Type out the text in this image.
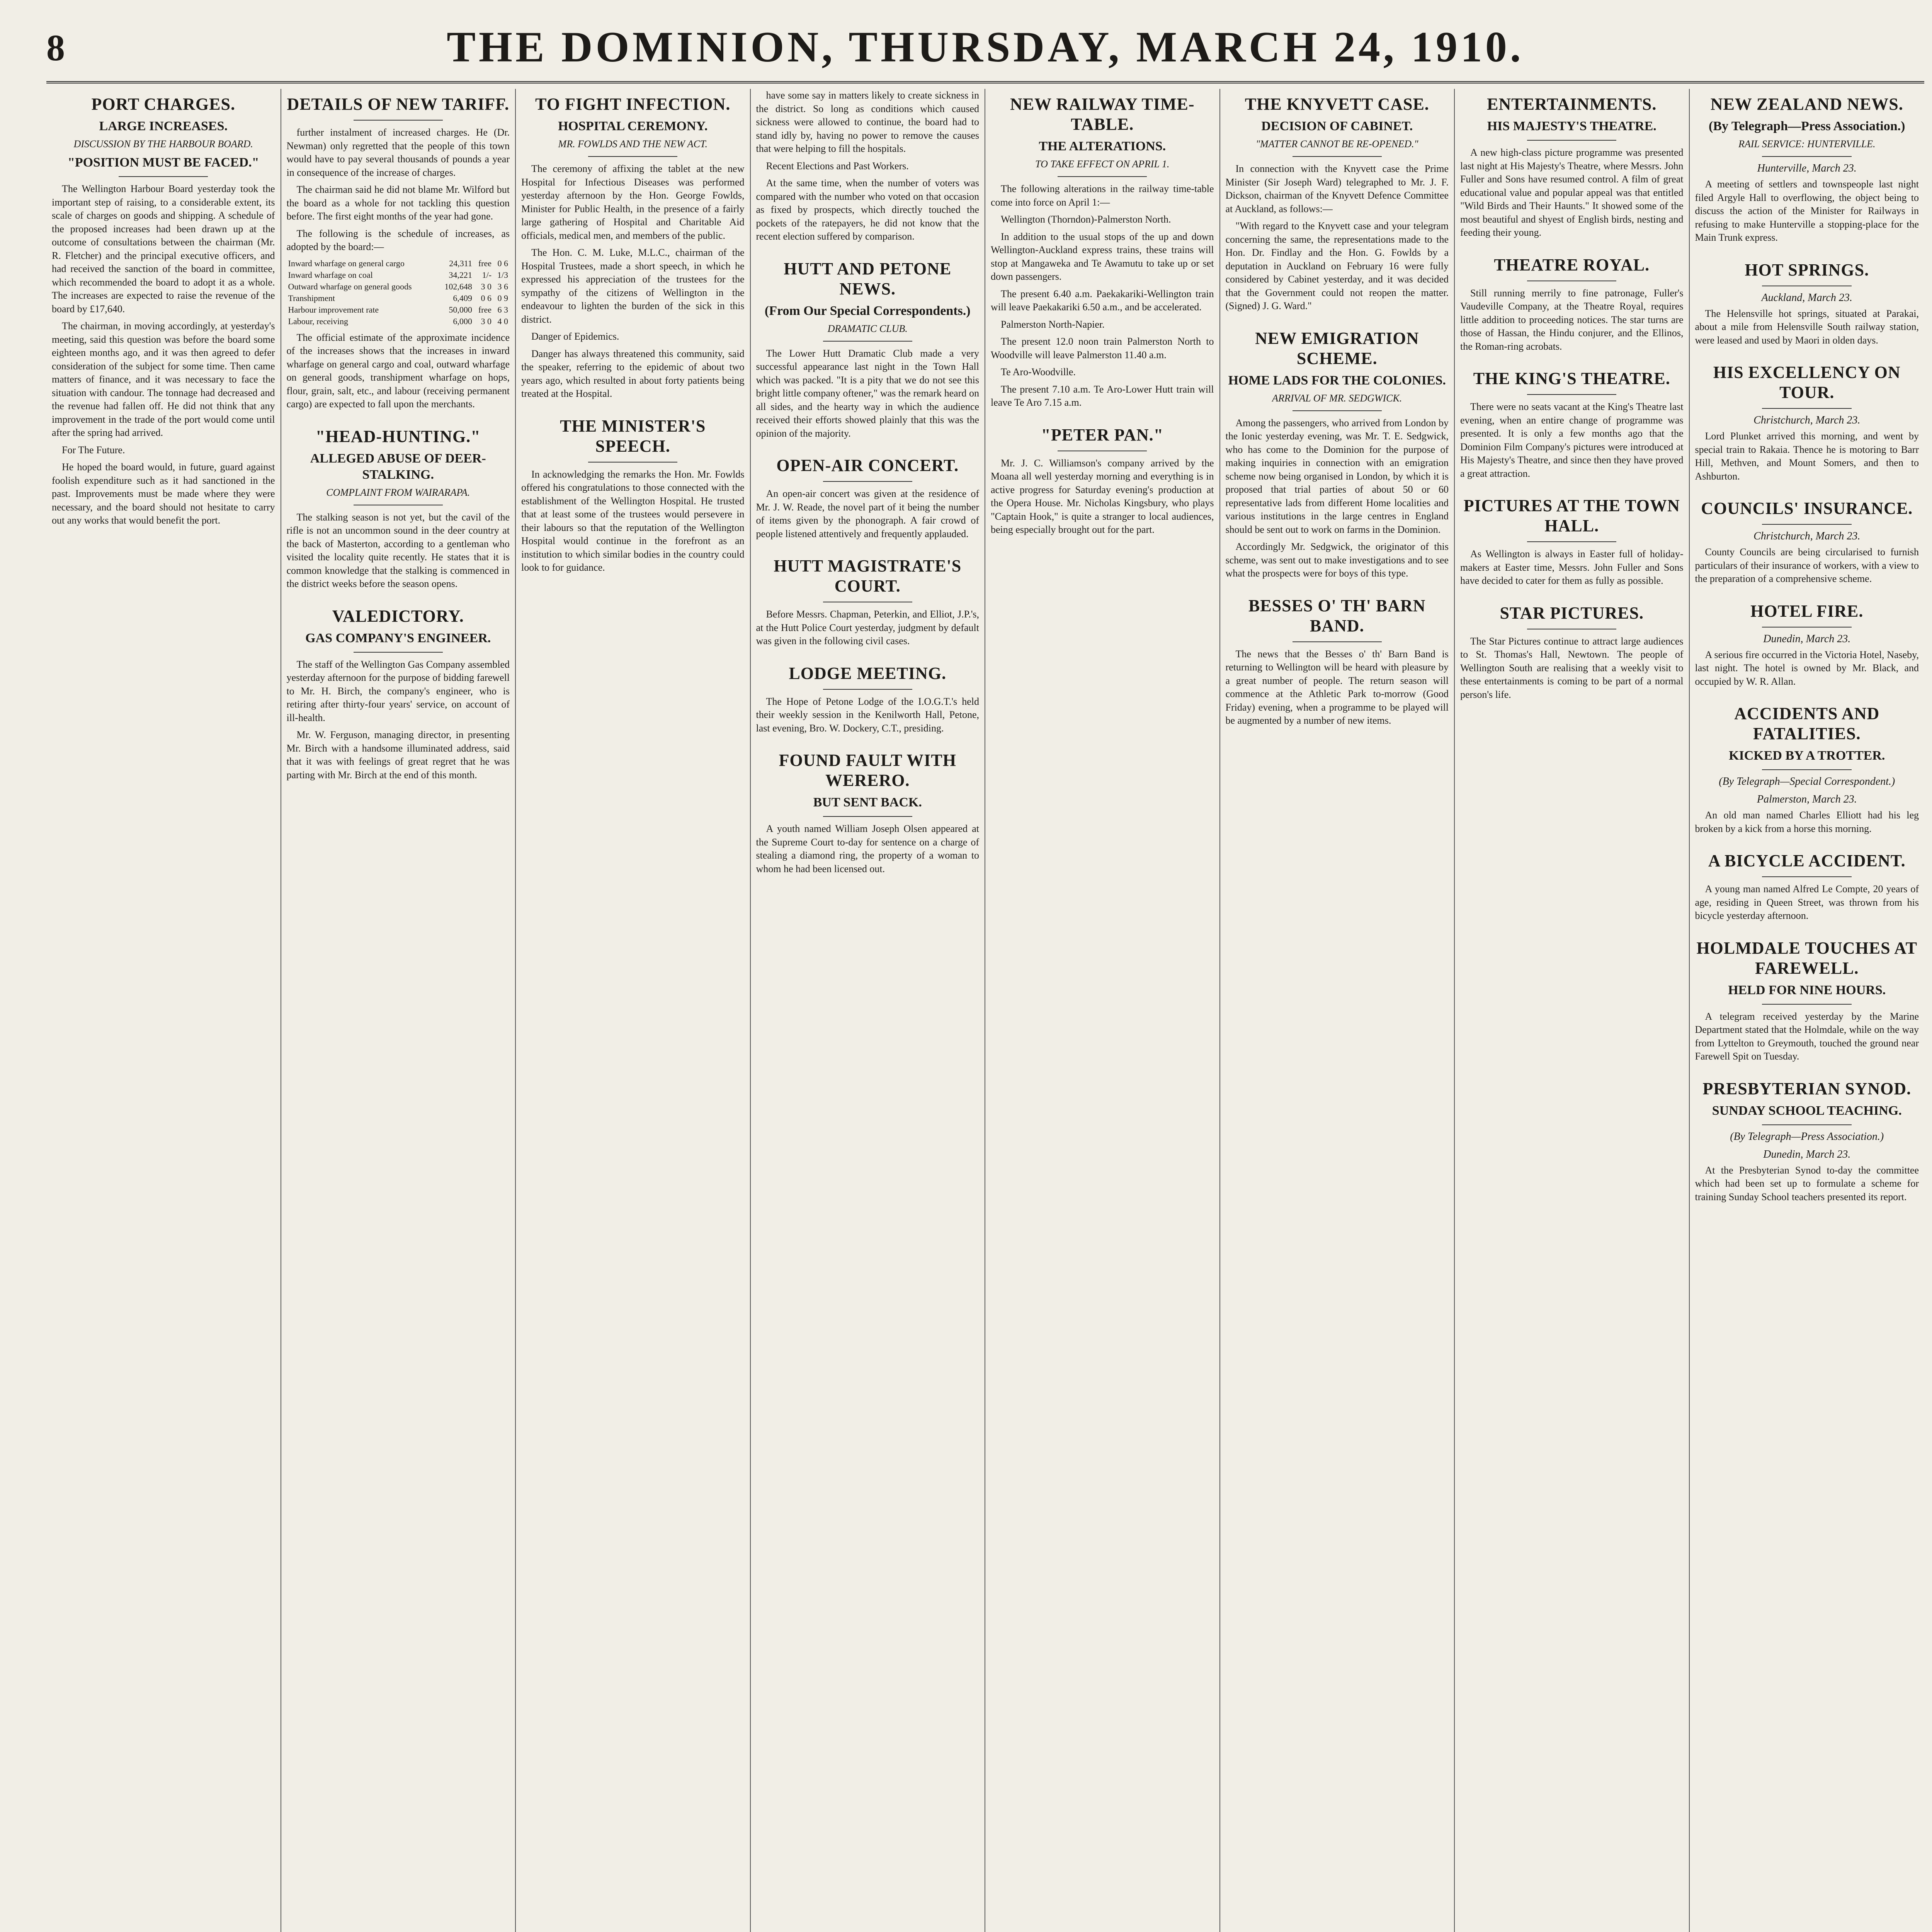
8	THE DOMINION, THURSDAY, MARCH 24, 1910.
PORT CHARGES.
LARGE INCREASES.
DISCUSSION BY THE HARBOUR BOARD.
"POSITION MUST BE FACED."

The Wellington Harbour Board yesterday took the important step of raising, to a considerable extent, its scale of charges on goods and shipping. A schedule of the proposed increases had been drawn up at the outcome of consultations between the chairman (Mr. R. Fletcher) and the principal executive officers, and had received the sanction of the board in committee, which recommended the board to adopt it as a whole. The increases are expected to raise the revenue of the board by £17,640.

The chairman, in moving accordingly, at yesterday's meeting, said this question was before the board some eighteen months ago, and it was then agreed to defer consideration of the subject for some time. Then came matters of finance, and it was necessary to face the situation with candour. The tonnage had decreased and the revenue had fallen off. He did not think that any improvement in the trade of the port would come until after the spring had arrived.

For The Future.

He hoped the board would, in future, guard against foolish expenditure such as it had sanctioned in the past. Improvements must be made where they were necessary, and the board should not hesitate to carry out any works that would benefit the port.

DETAILS OF NEW TARIFF.

further instalment of increased charges. He (Dr. Newman) only regretted that the people of this town would have to pay several thousands of pounds a year in consequence of the increase of charges.

The chairman said he did not blame Mr. Wilford but the board as a whole for not tackling this question before. The first eight months of the year had gone.

The following is the schedule of increases, as adopted by the board:—

Inward wharfage on general cargo	24,311	free	0 6
Inward wharfage on coal	34,221	1/-	1/3
Outward wharfage on general goods	102,648	3 0	3 6
Transhipment	6,409	0 6	0 9
Harbour improvement rate	50,000	free	6 3
Labour, receiving	6,000	3 0	4 0

The official estimate of the approximate incidence of the increases shows that the increases in inward wharfage on general cargo and coal, outward wharfage on general goods, transhipment wharfage on hops, flour, grain, salt, etc., and labour (receiving permanent cargo) are expected to fall upon the merchants.

"HEAD-HUNTING."
ALLEGED ABUSE OF DEER-STALKING.
COMPLAINT FROM WAIRARAPA.

The stalking season is not yet, but the cavil of the rifle is not an uncommon sound in the deer country at the back of Masterton, according to a gentleman who visited the locality quite recently. He states that it is common knowledge that the stalking is commenced in the district weeks before the season opens.

VALEDICTORY.
GAS COMPANY'S ENGINEER.

The staff of the Wellington Gas Company assembled yesterday afternoon for the purpose of bidding farewell to Mr. H. Birch, the company's engineer, who is retiring after thirty-four years' service, on account of ill-health.

Mr. W. Ferguson, managing director, in presenting Mr. Birch with a handsome illuminated address, said that it was with feelings of great regret that he was parting with Mr. Birch at the end of this month.

TO FIGHT INFECTION.
HOSPITAL CEREMONY.
MR. FOWLDS AND THE NEW ACT.

The ceremony of affixing the tablet at the new Hospital for Infectious Diseases was performed yesterday afternoon by the Hon. George Fowlds, Minister for Public Health, in the presence of a fairly large gathering of Hospital and Charitable Aid officials, medical men, and members of the public.

The Hon. C. M. Luke, M.L.C., chairman of the Hospital Trustees, made a short speech, in which he expressed his appreciation of the trustees for the sympathy of the citizens of Wellington in the endeavour to lighten the burden of the sick in this district.

Danger of Epidemics.

Danger has always threatened this community, said the speaker, referring to the epidemic of about two years ago, which resulted in about forty patients being treated at the Hospital.

THE MINISTER'S SPEECH.

In acknowledging the remarks the Hon. Mr. Fowlds offered his congratulations to those connected with the establishment of the Wellington Hospital. He trusted that at least some of the trustees would persevere in their labours so that the reputation of the Wellington Hospital would continue in the forefront as an institution to which similar bodies in the country could look to for guidance.

have some say in matters likely to create sickness in the district. So long as conditions which caused sickness were allowed to continue, the board had to stand idly by, having no power to remove the causes that were helping to fill the hospitals.

Recent Elections and Past Workers.

At the same time, when the number of voters was compared with the number who voted on that occasion as fixed by prospects, which directly touched the pockets of the ratepayers, he did not know that the recent election suffered by comparison.

HUTT AND PETONE NEWS.
(From Our Special Correspondents.)
DRAMATIC CLUB.

The Lower Hutt Dramatic Club made a very successful appearance last night in the Town Hall which was packed. "It is a pity that we do not see this bright little company oftener," was the remark heard on all sides, and the hearty way in which the audience received their efforts showed plainly that this was the opinion of the majority.

OPEN-AIR CONCERT.

An open-air concert was given at the residence of Mr. J. W. Reade, the novel part of it being the number of items given by the phonograph. A fair crowd of people listened attentively and frequently applauded.

HUTT MAGISTRATE'S COURT.

Before Messrs. Chapman, Peterkin, and Elliot, J.P.'s, at the Hutt Police Court yesterday, judgment by default was given in the following civil cases.

LODGE MEETING.

The Hope of Petone Lodge of the I.O.G.T.'s held their weekly session in the Kenilworth Hall, Petone, last evening, Bro. W. Dockery, C.T., presiding.

FOUND FAULT WITH WERERO.
BUT SENT BACK.

A youth named William Joseph Olsen appeared at the Supreme Court to-day for sentence on a charge of stealing a diamond ring, the property of a woman to whom he had been licensed out.

NEW RAILWAY TIME-TABLE.
THE ALTERATIONS.
TO TAKE EFFECT ON APRIL 1.

The following alterations in the railway time-table come into force on April 1:—

Wellington (Thorndon)-Palmerston North.

In addition to the usual stops of the up and down Wellington-Auckland express trains, these trains will stop at Mangaweka and Te Awamutu to take up or set down passengers.

The present 6.40 a.m. Paekakariki-Wellington train will leave Paekakariki 6.50 a.m., and be accelerated.

Palmerston North-Napier.

The present 12.0 noon train Palmerston North to Woodville will leave Palmerston 11.40 a.m.

Te Aro-Woodville.

The present 7.10 a.m. Te Aro-Lower Hutt train will leave Te Aro 7.15 a.m.

"PETER PAN."

Mr. J. C. Williamson's company arrived by the Moana all well yesterday morning and everything is in active progress for Saturday evening's production at the Opera House. Mr. Nicholas Kingsbury, who plays "Captain Hook," is quite a stranger to local audiences, being especially brought out for the part.

THE KNYVETT CASE.
DECISION OF CABINET.
"MATTER CANNOT BE RE-OPENED."

In connection with the Knyvett case the Prime Minister (Sir Joseph Ward) telegraphed to Mr. J. F. Dickson, chairman of the Knyvett Defence Committee at Auckland, as follows:—

"With regard to the Knyvett case and your telegram concerning the same, the representations made to the Hon. Dr. Findlay and the Hon. G. Fowlds by a deputation in Auckland on February 16 were fully considered by Cabinet yesterday, and it was decided that the Government could not reopen the matter. (Signed) J. G. Ward."

NEW EMIGRATION SCHEME.
HOME LADS FOR THE COLONIES.
ARRIVAL OF MR. SEDGWICK.

Among the passengers, who arrived from London by the Ionic yesterday evening, was Mr. T. E. Sedgwick, who has come to the Dominion for the purpose of making inquiries in connection with an emigration scheme now being organised in London, by which it is proposed that trial parties of about 50 or 60 representative lads from different Home localities and various institutions in the large centres in England should be sent out to work on farms in the Dominion.

Accordingly Mr. Sedgwick, the originator of this scheme, was sent out to make investigations and to see what the prospects were for boys of this type.

BESSES O' TH' BARN BAND.

The news that the Besses o' th' Barn Band is returning to Wellington will be heard with pleasure by a great number of people. The return season will commence at the Athletic Park to-morrow (Good Friday) evening, when a programme to be played will be augmented by a number of new items.

ENTERTAINMENTS.
HIS MAJESTY'S THEATRE.

A new high-class picture programme was presented last night at His Majesty's Theatre, where Messrs. John Fuller and Sons have resumed control. A film of great educational value and popular appeal was that entitled "Wild Birds and Their Haunts." It showed some of the most beautiful and shyest of English birds, nesting and feeding their young.

THEATRE ROYAL.

Still running merrily to fine patronage, Fuller's Vaudeville Company, at the Theatre Royal, requires little addition to proceeding notices. The star turns are those of Hassan, the Hindu conjurer, and the Ellinos, the Roman-ring acrobats.

THE KING'S THEATRE.

There were no seats vacant at the King's Theatre last evening, when an entire change of programme was presented. It is only a few months ago that the Dominion Film Company's pictures were introduced at His Majesty's Theatre, and since then they have proved a great attraction.

PICTURES AT THE TOWN HALL.

As Wellington is always in Easter full of holiday-makers at Easter time, Messrs. John Fuller and Sons have decided to cater for them as fully as possible.

STAR PICTURES.

The Star Pictures continue to attract large audiences to St. Thomas's Hall, Newtown. The people of Wellington South are realising that a weekly visit to these entertainments is coming to be part of a normal person's life.

NEW ZEALAND NEWS.
(By Telegraph—Press Association.)
RAIL SERVICE: HUNTERVILLE.
Hunterville, March 23.

A meeting of settlers and townspeople last night filed Argyle Hall to overflowing, the object being to discuss the action of the Minister for Railways in refusing to make Hunterville a stopping-place for the Main Trunk express.

HOT SPRINGS.
Auckland, March 23.

The Helensville hot springs, situated at Parakai, about a mile from Helensville South railway station, were leased and used by Maori in olden days.

HIS EXCELLENCY ON TOUR.
Christchurch, March 23.

Lord Plunket arrived this morning, and went by special train to Rakaia. Thence he is motoring to Barr Hill, Methven, and Mount Somers, and then to Ashburton.

COUNCILS' INSURANCE.
Christchurch, March 23.

County Councils are being circularised to furnish particulars of their insurance of workers, with a view to the preparation of a comprehensive scheme.

HOTEL FIRE.
Dunedin, March 23.

A serious fire occurred in the Victoria Hotel, Naseby, last night. The hotel is owned by Mr. Black, and occupied by W. R. Allan.

ACCIDENTS AND FATALITIES.
KICKED BY A TROTTER.
(By Telegraph—Special Correspondent.)
Palmerston, March 23.

An old man named Charles Elliott had his leg broken by a kick from a horse this morning.

A BICYCLE ACCIDENT.

A young man named Alfred Le Compte, 20 years of age, residing in Queen Street, was thrown from his bicycle yesterday afternoon.

HOLMDALE TOUCHES AT FAREWELL.
HELD FOR NINE HOURS.

A telegram received yesterday by the Marine Department stated that the Holmdale, while on the way from Lyttelton to Greymouth, touched the ground near Farewell Spit on Tuesday.

PRESBYTERIAN SYNOD.
SUNDAY SCHOOL TEACHING.
(By Telegraph—Press Association.)
Dunedin, March 23.

At the Presbyterian Synod to-day the committee which had been set up to formulate a scheme for training Sunday School teachers presented its report.
